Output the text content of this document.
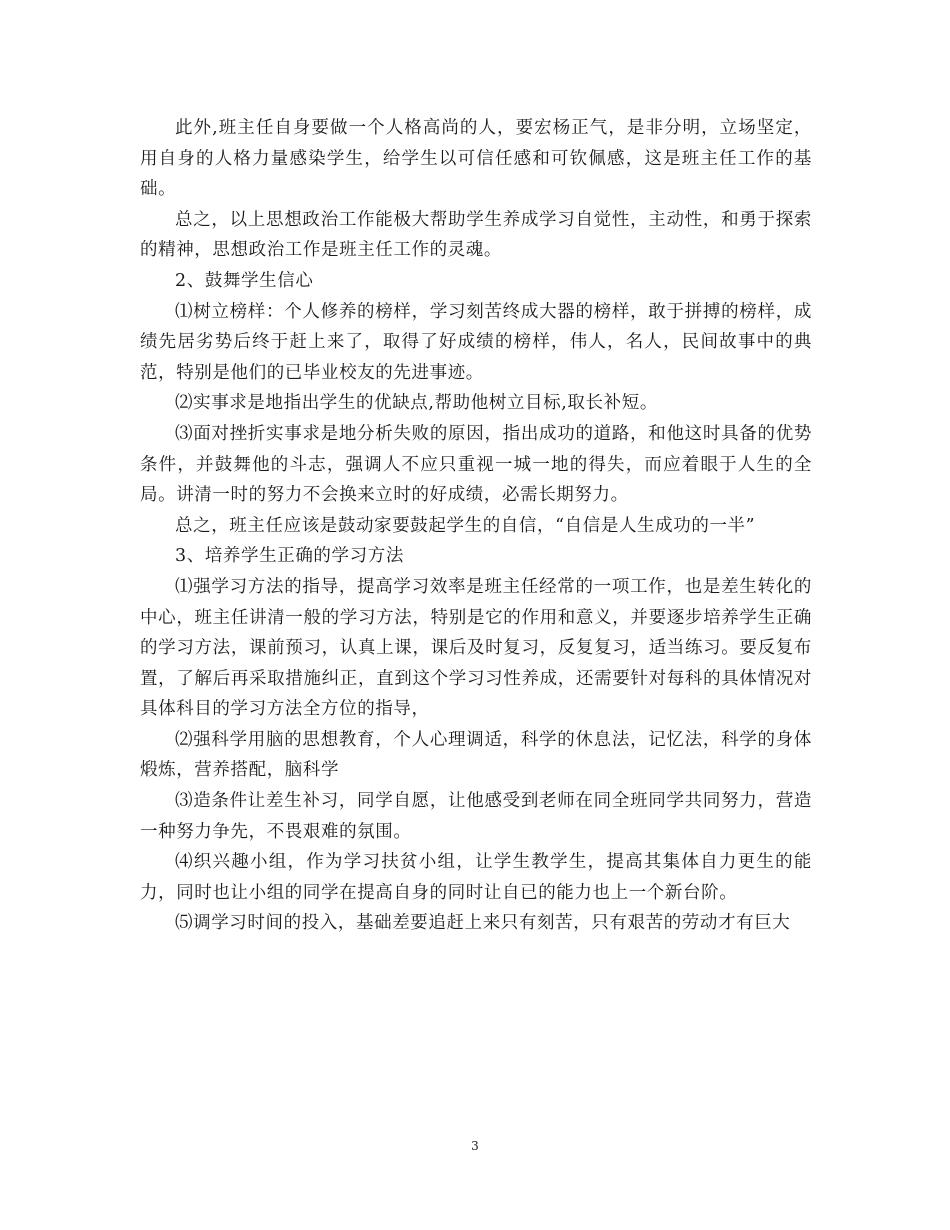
此外,班主任自身要做一个人格高尚的人，要宏杨正气，是非分明，立场坚定，用自身的人格力量感染学生，给学生以可信任感和可钦佩感，这是班主任工作的基础。

总之，以上思想政治工作能极大帮助学生养成学习自觉性，主动性，和勇于探索的精神，思想政治工作是班主任工作的灵魂。

2、鼓舞学生信心

⑴树立榜样：个人修养的榜样，学习刻苦终成大器的榜样，敢于拼搏的榜样，成绩先居劣势后终于赶上来了，取得了好成绩的榜样，伟人，名人，民间故事中的典范，特别是他们的已毕业校友的先进事迹。

⑵实事求是地指出学生的优缺点,帮助他树立目标,取长补短。

⑶面对挫折实事求是地分析失败的原因，指出成功的道路，和他这时具备的优势条件，并鼓舞他的斗志，强调人不应只重视一城一地的得失，而应着眼于人生的全局。讲清一时的努力不会换来立时的好成绩，必需长期努力。

总之，班主任应该是鼓动家要鼓起学生的自信，“自信是人生成功的一半”

3、培养学生正确的学习方法

⑴强学习方法的指导，提高学习效率是班主任经常的一项工作，也是差生转化的中心，班主任讲清一般的学习方法，特别是它的作用和意义，并要逐步培养学生正确的学习方法，课前预习，认真上课，课后及时复习，反复复习，适当练习。要反复布置，了解后再采取措施纠正，直到这个学习习性养成，还需要针对每科的具体情况对具体科目的学习方法全方位的指导，

⑵强科学用脑的思想教育，个人心理调适，科学的休息法，记忆法，科学的身体煅炼，营养搭配，脑科学

⑶造条件让差生补习，同学自愿，让他感受到老师在同全班同学共同努力，营造一种努力争先，不畏艰难的氛围。

⑷织兴趣小组，作为学习扶贫小组，让学生教学生，提高其集体自力更生的能力，同时也让小组的同学在提高自身的同时让自已的能力也上一个新台阶。

⑸调学习时间的投入，基础差要追赶上来只有刻苦，只有艰苦的劳动才有巨大

3
